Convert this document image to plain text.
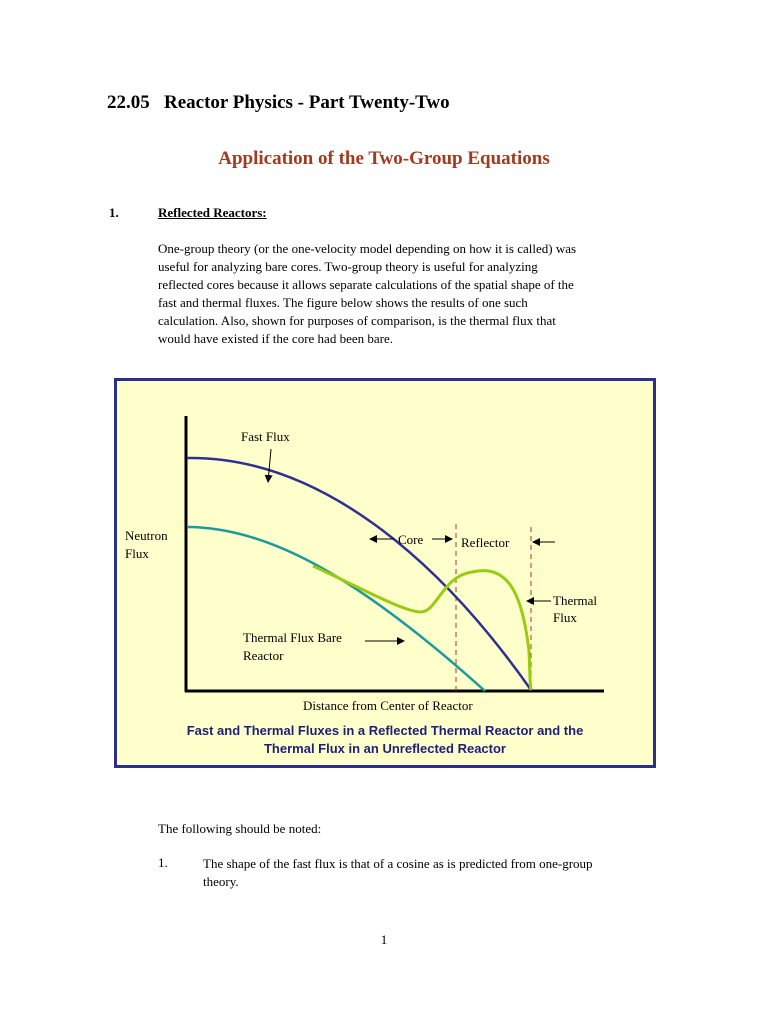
22.05   Reactor Physics - Part Twenty-Two
Application of the Two-Group Equations
1.	Reflected Reactors:
One-group theory (or the one-velocity model depending on how it is called) was
useful for analyzing bare cores. Two-group theory is useful for analyzing
reflected cores because it allows separate calculations of the spatial shape of the
fast and thermal fluxes. The figure below shows the results of one such
calculation. Also, shown for purposes of comparison, is the thermal flux that
would have existed if the core had been bare.
Fast Flux
Neutron
Flux
Core	Reflector
Thermal
Flux
Thermal Flux Bare
Reactor
Distance from Center of Reactor
Fast and Thermal Fluxes in a Reflected Thermal Reactor and the
Thermal Flux in an Unreflected Reactor
The following should be noted:
1.	The shape of the fast flux is that of a cosine as is predicted from one-group
theory.
1
